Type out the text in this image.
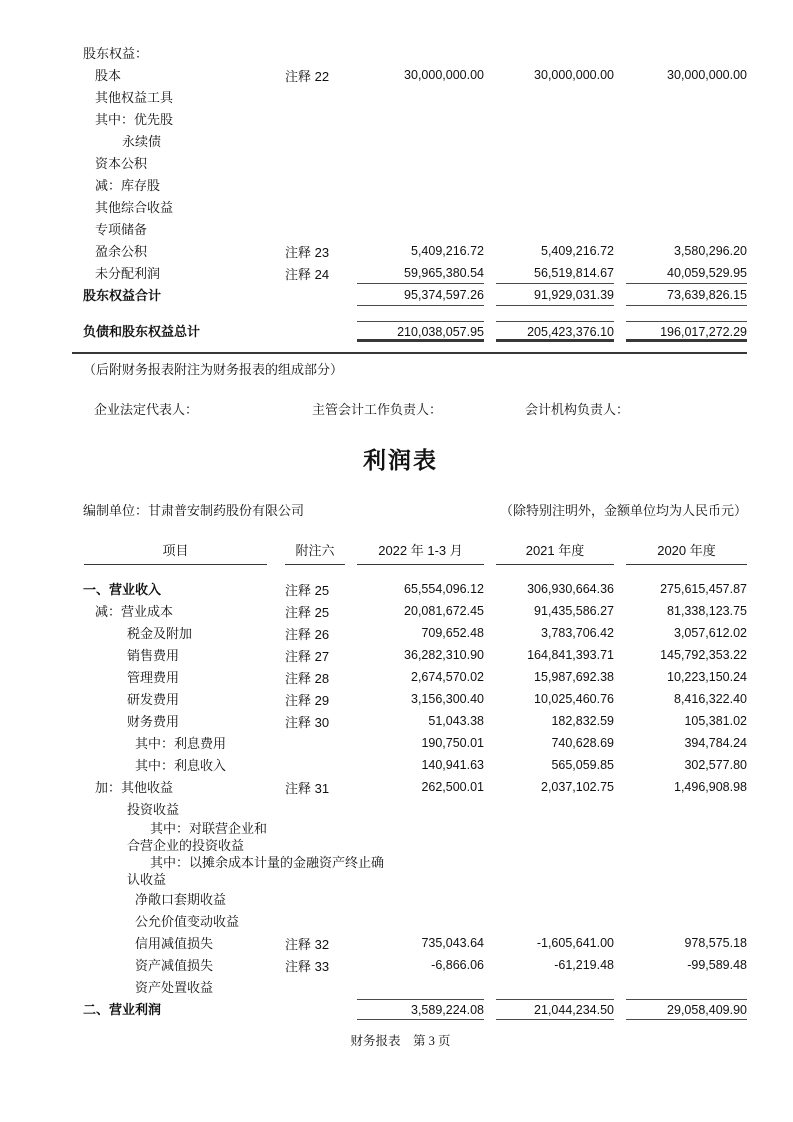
股东权益：				

股本	注释 22	30,000,000.00	30,000,000.00	30,000,000.00

其他权益工具				

其中：优先股				

永续债				

资本公积				

减：库存股				

其他综合收益				

专项储备				

盈余公积	注释 23	5,409,216.72	5,409,216.72	3,580,296.20

未分配利润	注释 24	59,965,380.54	56,519,814.67	40,059,529.95

股东权益合计		95,374,597.26	91,929,031.39	73,639,826.15

负债和股东权益总计		210,038,057.95	205,423,376.10	196,017,272.29

（后附财务报表附注为财务报表的组成部分）

企业法定代表人：	主管会计工作负责人：	会计机构负责人：
利润表
编制单位：甘肃普安制药股份有限公司	（除特别注明外，金额单位均为人民币元）
项目	附注六	2022 年 1-3 月	2021 年度	2020 年度

一、营业收入	注释 25	65,554,096.12	306,930,664.36	275,615,457.87

减：营业成本	注释 25	20,081,672.45	91,435,586.27	81,338,123.75

税金及附加	注释 26	709,652.48	3,783,706.42	3,057,612.02

销售费用	注释 27	36,282,310.90	164,841,393.71	145,792,353.22

管理费用	注释 28	2,674,570.02	15,987,692.38	10,223,150.24

研发费用	注释 29	3,156,300.40	10,025,460.76	8,416,322.40

财务费用	注释 30	51,043.38	182,832.59	105,381.02

其中：利息费用		190,750.01	740,628.69	394,784.24

其中：利息收入		140,941.63	565,059.85	302,577.80

加：其他收益	注释 31	262,500.01	2,037,102.75	1,496,908.98

投资收益				

其中：对联营企业和
合营企业的投资收益				

其中：以摊余成本计量的金融资产终止确
认收益				

净敞口套期收益				

公允价值变动收益				

信用减值损失	注释 32	735,043.64	-1,605,641.00	978,575.18

资产减值损失	注释 33	-6,866.06	-61,219.48	-99,589.48

资产处置收益				

二、营业利润		3,589,224.08	21,044,234.50	29,058,409.90
财务报表　第 3 页
